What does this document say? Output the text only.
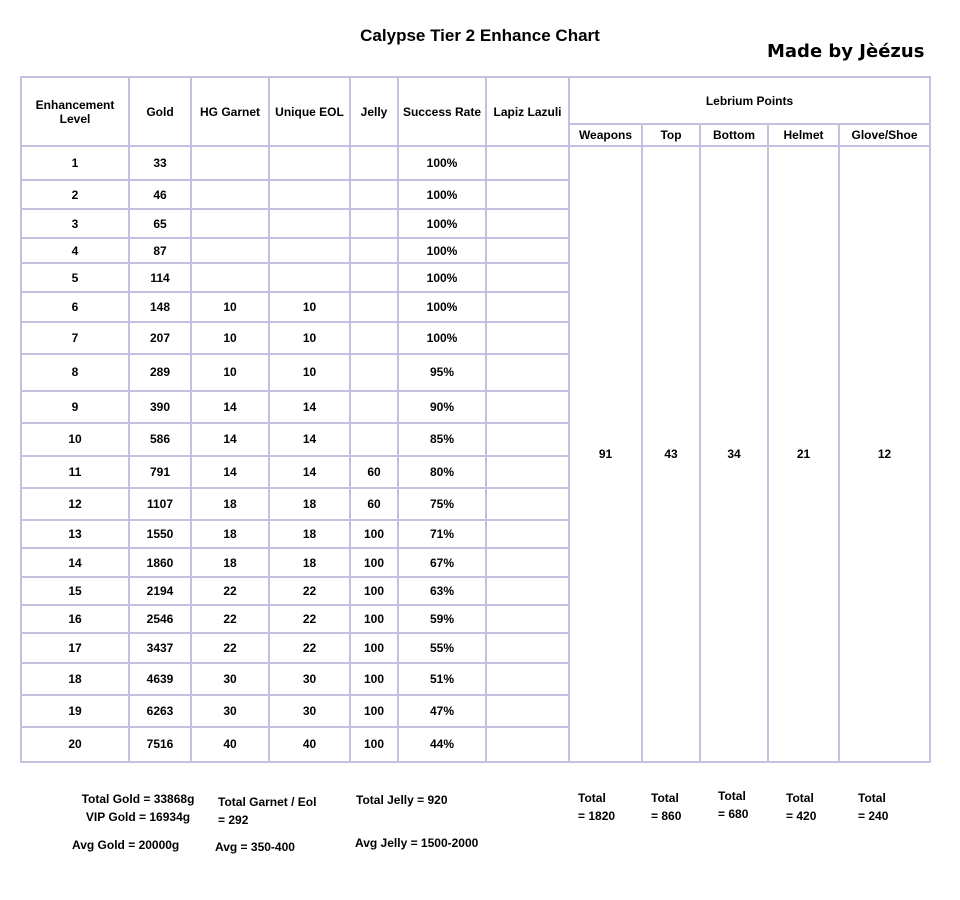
Calypse Tier 2 Enhance Chart
Made by Jèézus
Enhancement Level	Gold	HG Garnet	Unique EOL	Jelly	Success Rate	Lapiz Lazuli	Lebrium Points				
							Weapons	Top	Bottom	Helmet	Glove/Shoe
1	33				100%		91	43	34	21	12
2	46				100%						
3	65				100%						
4	87				100%						
5	114				100%						
6	148	10	10		100%						
7	207	10	10		100%						
8	289	10	10		95%						
9	390	14	14		90%						
10	586	14	14		85%						
11	791	14	14	60	80%						
12	1107	18	18	60	75%						
13	1550	18	18	100	71%						
14	1860	18	18	100	67%						
15	2194	22	22	100	63%						
16	2546	22	22	100	59%						
17	3437	22	22	100	55%						
18	4639	30	30	100	51%						
19	6263	30	30	100	47%						
20	7516	40	40	100	44%						
Total Gold = 33868g
VIP Gold = 16934g
Avg Gold = 20000g
Total Garnet / Eol
= 292
Avg = 350-400
Total Jelly = 920
Avg Jelly = 1500-2000
Total
= 1820
Total
= 860
Total
= 680
Total
= 420
Total
= 240
